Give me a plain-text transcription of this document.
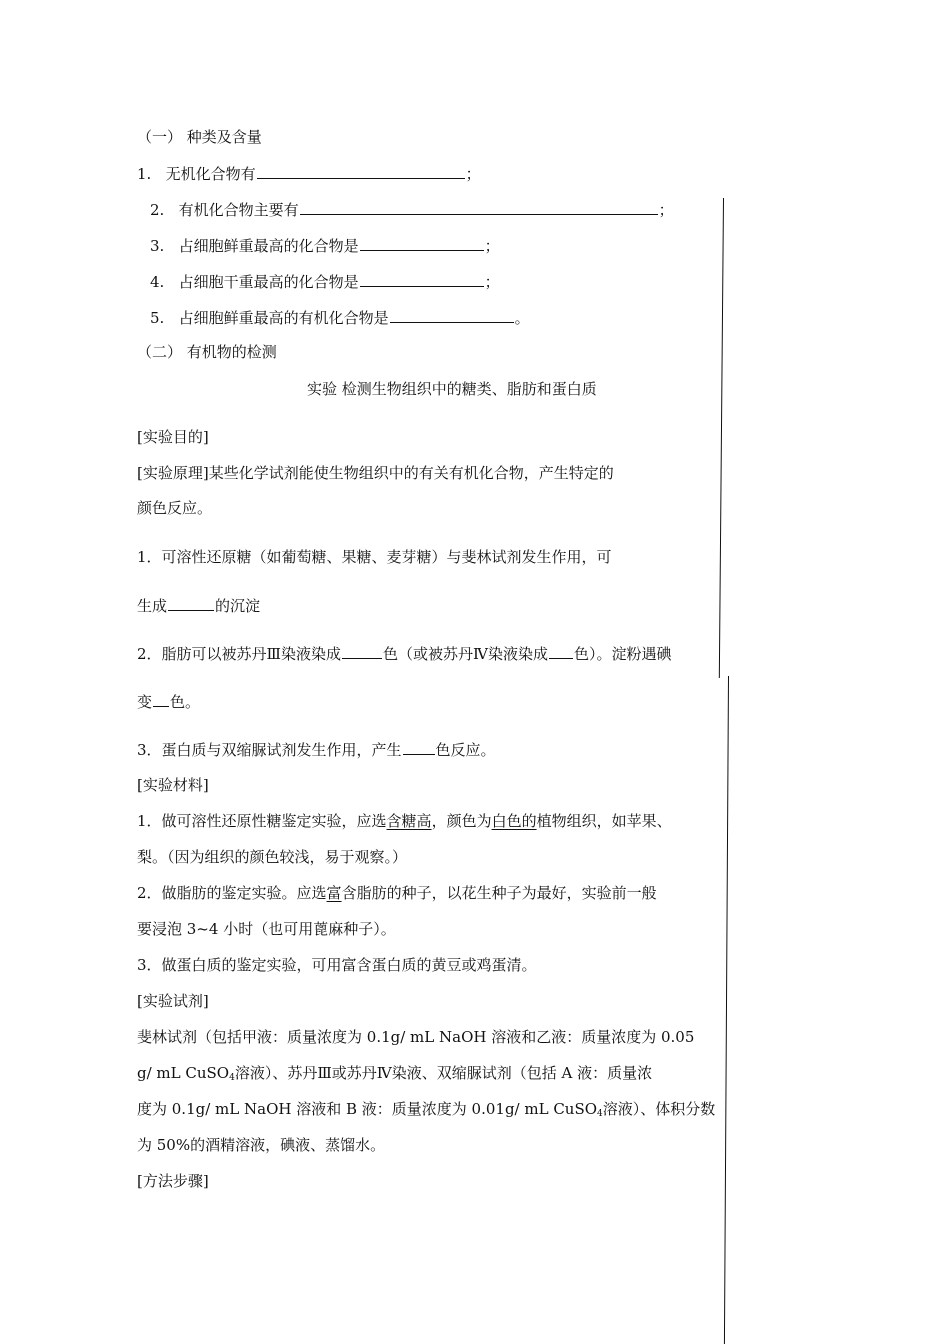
（一） 种类及含量
1. 无机化合物有	；
2. 有机化合物主要有	；
3. 占细胞鲜重最高的化合物是	；
4. 占细胞干重最高的化合物是	；
5. 占细胞鲜重最高的有机化合物是	。
（二） 有机物的检测
实验 检测生物组织中的糖类、脂肪和蛋白质
[实验目的]
[实验原理]某些化学试剂能使生物组织中的有关有机化合物，产生特定的
颜色反应。
1．可溶性还原糖（如葡萄糖、果糖、麦芽糖）与斐林试剂发生作用，可
生成	的沉淀
2．脂肪可以被苏丹Ⅲ染液染成	色（或被苏丹Ⅳ染液染成 色）。淀粉遇碘
变 色。
3．蛋白质与双缩脲试剂发生作用，产生 色反应。
[实验材料]
1．做可溶性还原性糖鉴定实验，应选含糖高，颜色为白色的植物组织，如苹果、
梨。（因为组织的颜色较浅，易于观察。）
2．做脂肪的鉴定实验。应选富含脂肪的种子，以花生种子为最好，实验前一般
要浸泡 3~4 小时（也可用蓖麻种子）。
3．做蛋白质的鉴定实验，可用富含蛋白质的黄豆或鸡蛋清。
[实验试剂]
斐林试剂（包括甲液：质量浓度为 0.1g/ mL NaOH 溶液和乙液：质量浓度为 0.05
g/ mL CuSO$_4$溶液）、苏丹Ⅲ或苏丹Ⅳ染液、双缩脲试剂（包括 A 液：质量浓
度为 0.1g/ mL NaOH 溶液和 B 液：质量浓度为 0.01g/ mL CuSO$_4$溶液）、体积分数
为 50%的酒精溶液，碘液、蒸馏水。
[方法步骤]
